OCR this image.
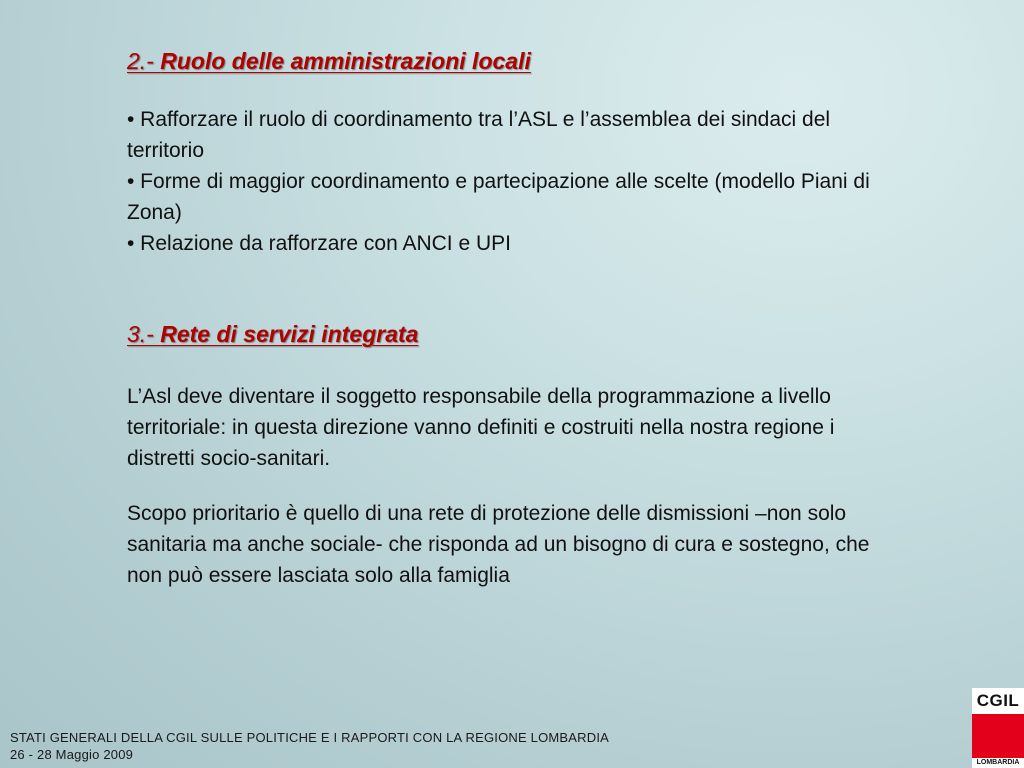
2.- Ruolo delle amministrazioni locali
• Rafforzare il ruolo di coordinamento tra l’ASL e l’assemblea dei sindaci del territorio
• Forme di maggior coordinamento e partecipazione alle scelte (modello Piani di Zona)
• Relazione da rafforzare con ANCI e UPI
3.- Rete di servizi integrata

L’Asl deve diventare il soggetto responsabile della programmazione a livello territoriale: in questa direzione vanno definiti e costruiti nella nostra regione i distretti socio-sanitari.

Scopo prioritario è quello di una rete di protezione delle dismissioni –non solo sanitaria ma anche sociale- che risponda ad un bisogno di cura e sostegno, che non può essere lasciata solo alla famiglia

STATI GENERALI DELLA CGIL SULLE POLITICHE E I RAPPORTI CON LA REGIONE LOMBARDIA
26 - 28 Maggio 2009
CGIL
LOMBARDIA
